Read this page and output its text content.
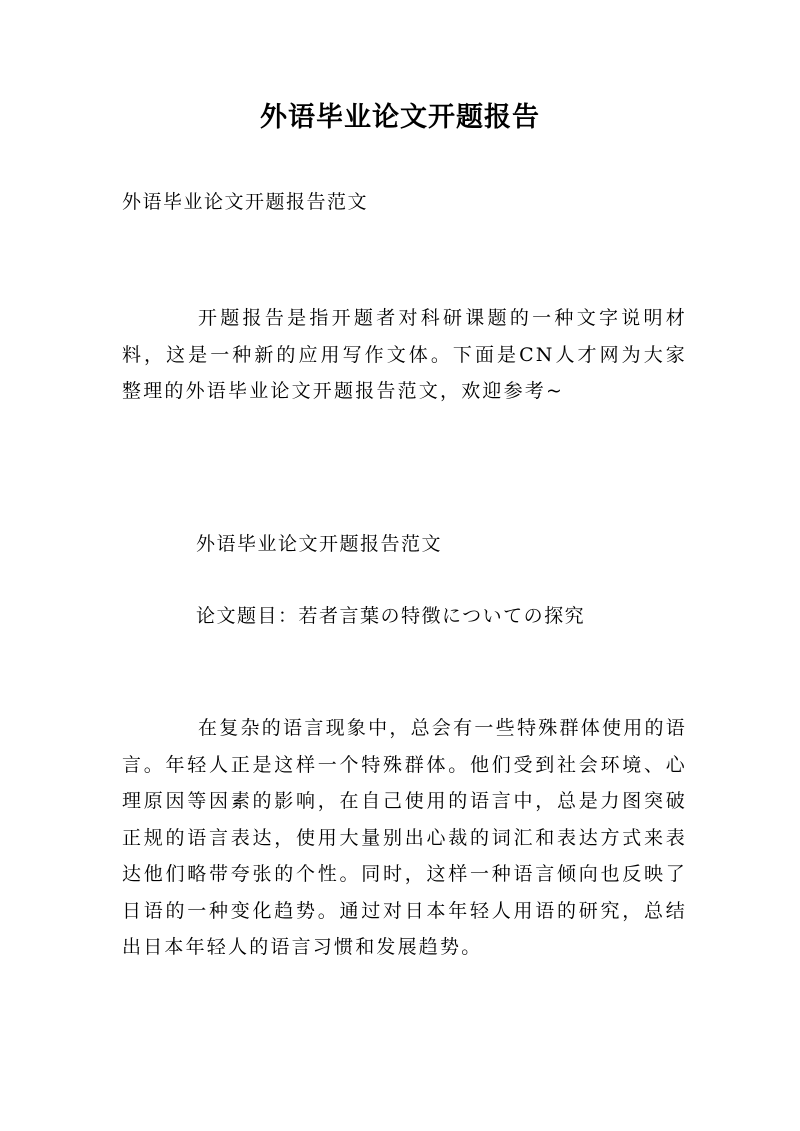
外语毕业论文开题报告

外语毕业论文开题报告范文

开题报告是指开题者对科研课题的一种文字说明材料，这是一种新的应用写作文体。下面是CN人才网为大家整理的外语毕业论文开题报告范文，欢迎参考~

外语毕业论文开题报告范文

论文题目：若者言葉の特徴についての探究

在复杂的语言现象中，总会有一些特殊群体使用的语言。年轻人正是这样一个特殊群体。他们受到社会环境、心理原因等因素的影响，在自己使用的语言中，总是力图突破正规的语言表达，使用大量别出心裁的词汇和表达方式来表达他们略带夸张的个性。同时，这样一种语言倾向也反映了日语的一种变化趋势。通过对日本年轻人用语的研究，总结出日本年轻人的语言习惯和发展趋势。
